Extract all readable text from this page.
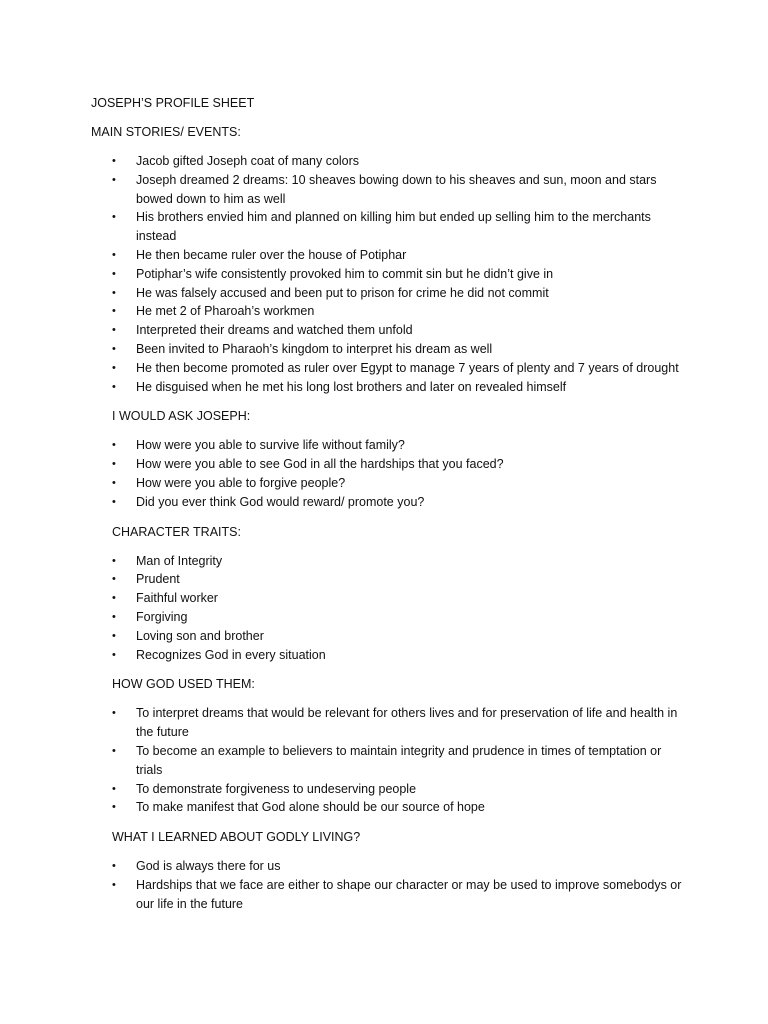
JOSEPH’S PROFILE SHEET

MAIN STORIES/ EVENTS:

• Jacob gifted Joseph coat of many colors
• Joseph dreamed 2 dreams: 10 sheaves bowing down to his sheaves and sun, moon and stars bowed down to him as well
• His brothers envied him and planned on killing him but ended up selling him to the merchants instead
• He then became ruler over the house of Potiphar
• Potiphar’s wife consistently provoked him to commit sin but he didn’t give in
• He was falsely accused and been put to prison for crime he did not commit
• He met 2 of Pharoah’s workmen
• Interpreted their dreams and watched them unfold
• Been invited to Pharaoh’s kingdom to interpret his dream as well
• He then become promoted as ruler over Egypt to manage 7 years of plenty and 7 years of drought
• He disguised when he met his long lost brothers and later on revealed himself

I WOULD ASK JOSEPH:

• How were you able to survive life without family?
• How were you able to see God in all the hardships that you faced?
• How were you able to forgive people?
• Did you ever think God would reward/ promote you?

CHARACTER TRAITS:

• Man of Integrity
• Prudent
• Faithful worker
• Forgiving
• Loving son and brother
• Recognizes God in every situation

HOW GOD USED THEM:

• To interpret dreams that would be relevant for others lives and for preservation of life and health in the future
• To become an example to believers to maintain integrity and prudence in times of temptation or trials
• To demonstrate forgiveness to undeserving people
• To make manifest that God alone should be our source of hope

WHAT I LEARNED ABOUT GODLY LIVING?

• God is always there for us
• Hardships that we face are either to shape our character or may be used to improve somebodys or our life in the future
